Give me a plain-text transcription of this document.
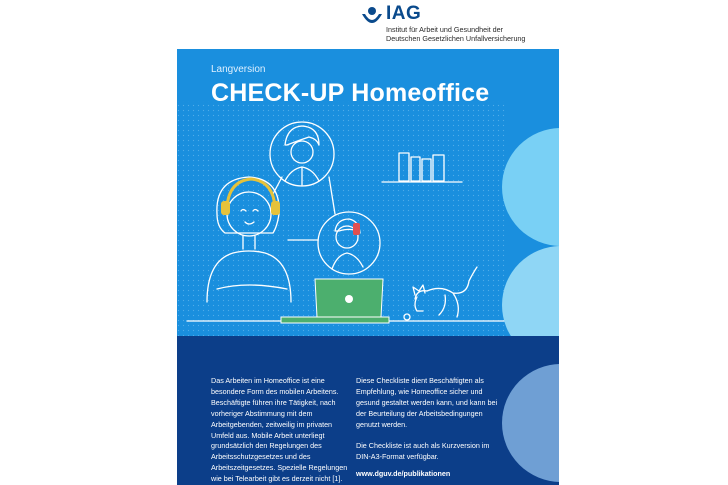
IAG
Institut für Arbeit und Gesundheit der
Deutschen Gesetzlichen Unfallversicherung
Langversion
CHECK-UP Homeoffice

Das Arbeiten im Homeoffice ist eine besondere Form des mobilen Arbeitens. Beschäftigte führen ihre Tätigkeit, nach vorheriger Abstimmung mit dem Arbeitgebenden, zeitweilig im privaten Umfeld aus. Mobile Arbeit unterliegt grundsätzlich den Regelungen des Arbeitsschutzgesetzes und des Arbeitszeitgesetzes. Spezielle Regelungen wie bei Telearbeit gibt es derzeit nicht [1].

Diese Checkliste dient Beschäftigten als Empfehlung, wie Homeoffice sicher und gesund gestaltet werden kann, und kann bei der Beurteilung der Arbeitsbedingungen genutzt werden.

Die Checkliste ist auch als Kurzversion im DIN-A3-Format verfügbar.

www.dguv.de/publikationen
